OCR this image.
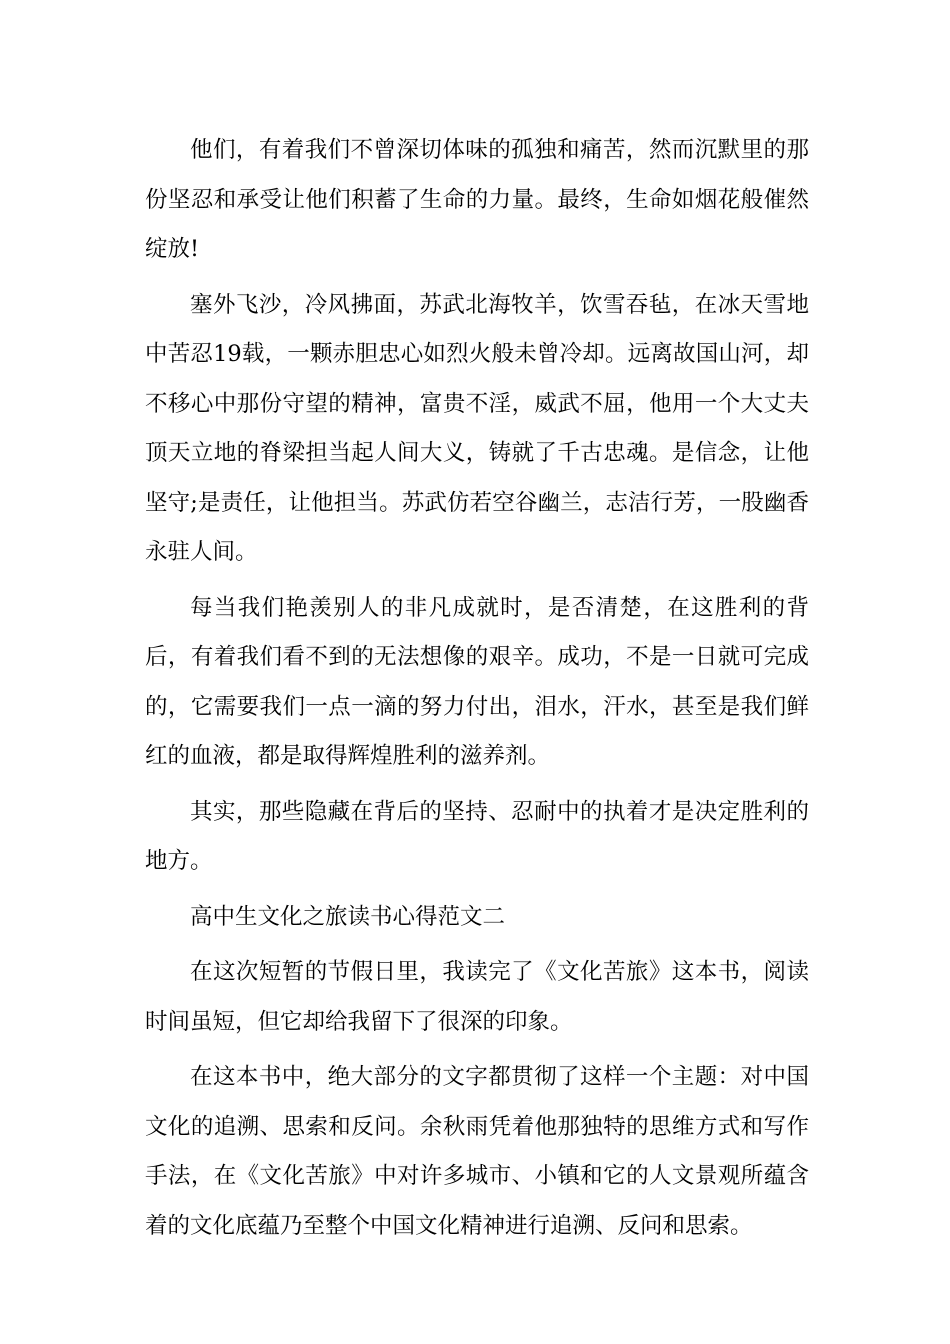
他们，有着我们不曾深切体味的孤独和痛苦，然而沉默里的那份坚忍和承受让他们积蓄了生命的力量。最终，生命如烟花般催然绽放!

塞外飞沙，冷风拂面，苏武北海牧羊，饮雪吞毡，在冰天雪地中苦忍19载，一颗赤胆忠心如烈火般未曾冷却。远离故国山河，却不移心中那份守望的精神，富贵不淫，威武不屈，他用一个大丈夫顶天立地的脊梁担当起人间大义，铸就了千古忠魂。是信念，让他坚守;是责任，让他担当。苏武仿若空谷幽兰，志洁行芳，一股幽香永驻人间。

每当我们艳羡别人的非凡成就时，是否清楚，在这胜利的背后，有着我们看不到的无法想像的艰辛。成功，不是一日就可完成的，它需要我们一点一滴的努力付出，泪水，汗水，甚至是我们鲜红的血液，都是取得辉煌胜利的滋养剂。

其实，那些隐藏在背后的坚持、忍耐中的执着才是决定胜利的地方。

高中生文化之旅读书心得范文二

在这次短暂的节假日里，我读完了《文化苦旅》这本书，阅读时间虽短，但它却给我留下了很深的印象。

在这本书中，绝大部分的文字都贯彻了这样一个主题：对中国文化的追溯、思索和反问。余秋雨凭着他那独特的思维方式和写作手法，在《文化苦旅》中对许多城市、小镇和它的人文景观所蕴含着的文化底蕴乃至整个中国文化精神进行追溯、反问和思索。
